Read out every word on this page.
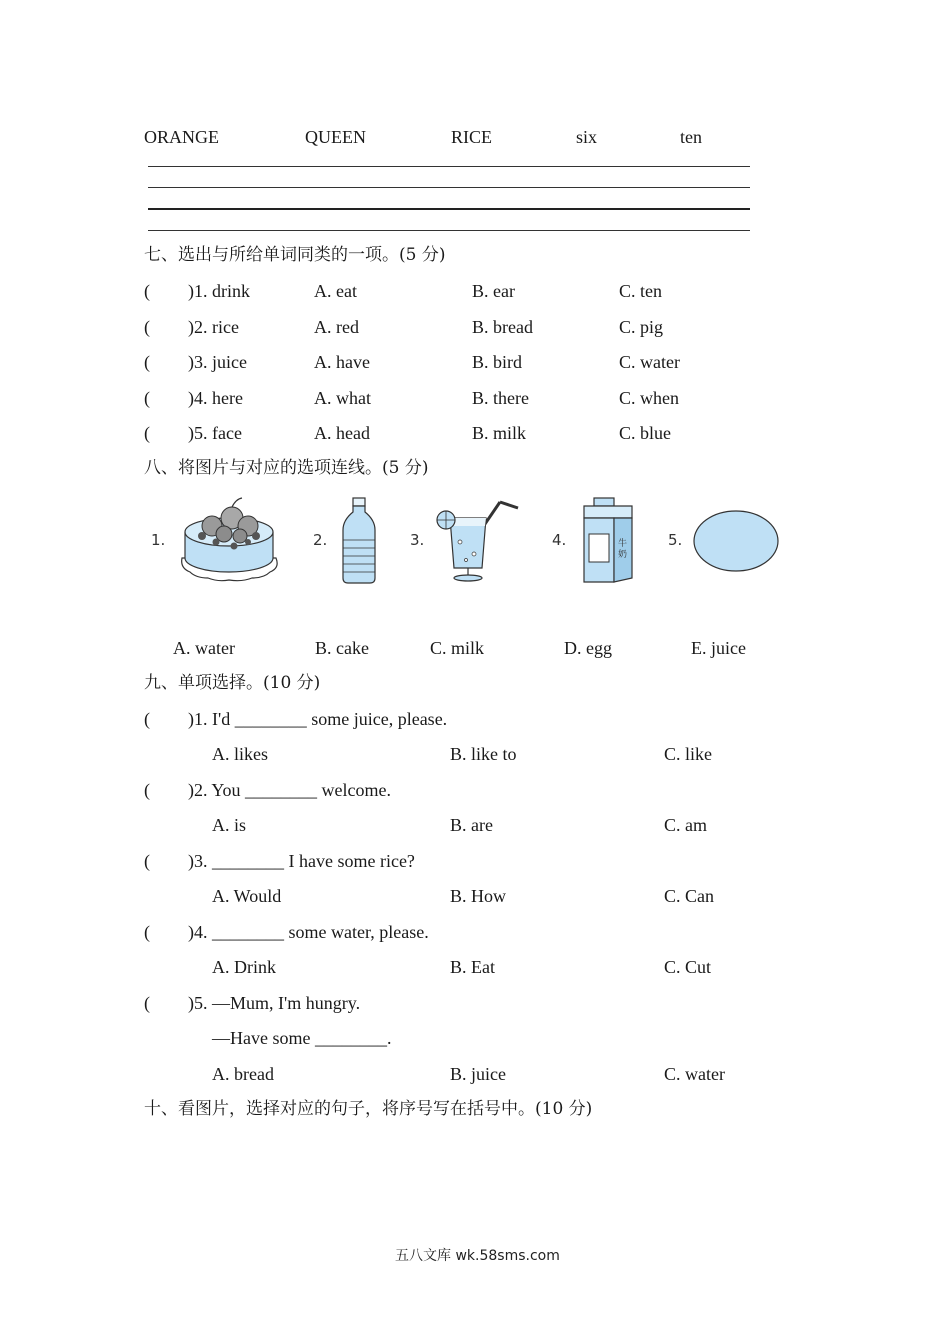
ORANGE	QUEEN	RICE	six	ten
七、选出与所给单词同类的一项。(5 分)
( )1. drink	A. eat	B. ear	C. ten
( )2. rice	A. red	B. bread	C. pig
( )3. juice	A. have	B. bird	C. water
( )4. here	A. what	B. there	C. when
( )5. face	A. head	B. milk	C. blue
八、将图片与对应的选项连线。(5 分)
1.	2.	3.	4.	5.
牛
奶
A. water	B. cake	C. milk	D. egg	E. juice
九、单项选择。(10 分)
( )1. I'd ________ some juice, please.
A. likes	B. like to	C. like
( )2. You ________ welcome.
A. is	B. are	C. am
( )3. ________ I have some rice?
A. Would	B. How	C. Can
( )4. ________ some water, please.
A. Drink	B. Eat	C. Cut
( )5. —Mum, I'm hungry.
—Have some ________.
A. bread	B. juice	C. water
十、看图片，选择对应的句子，将序号写在括号中。(10 分)
五八文库 wk.58sms.com
